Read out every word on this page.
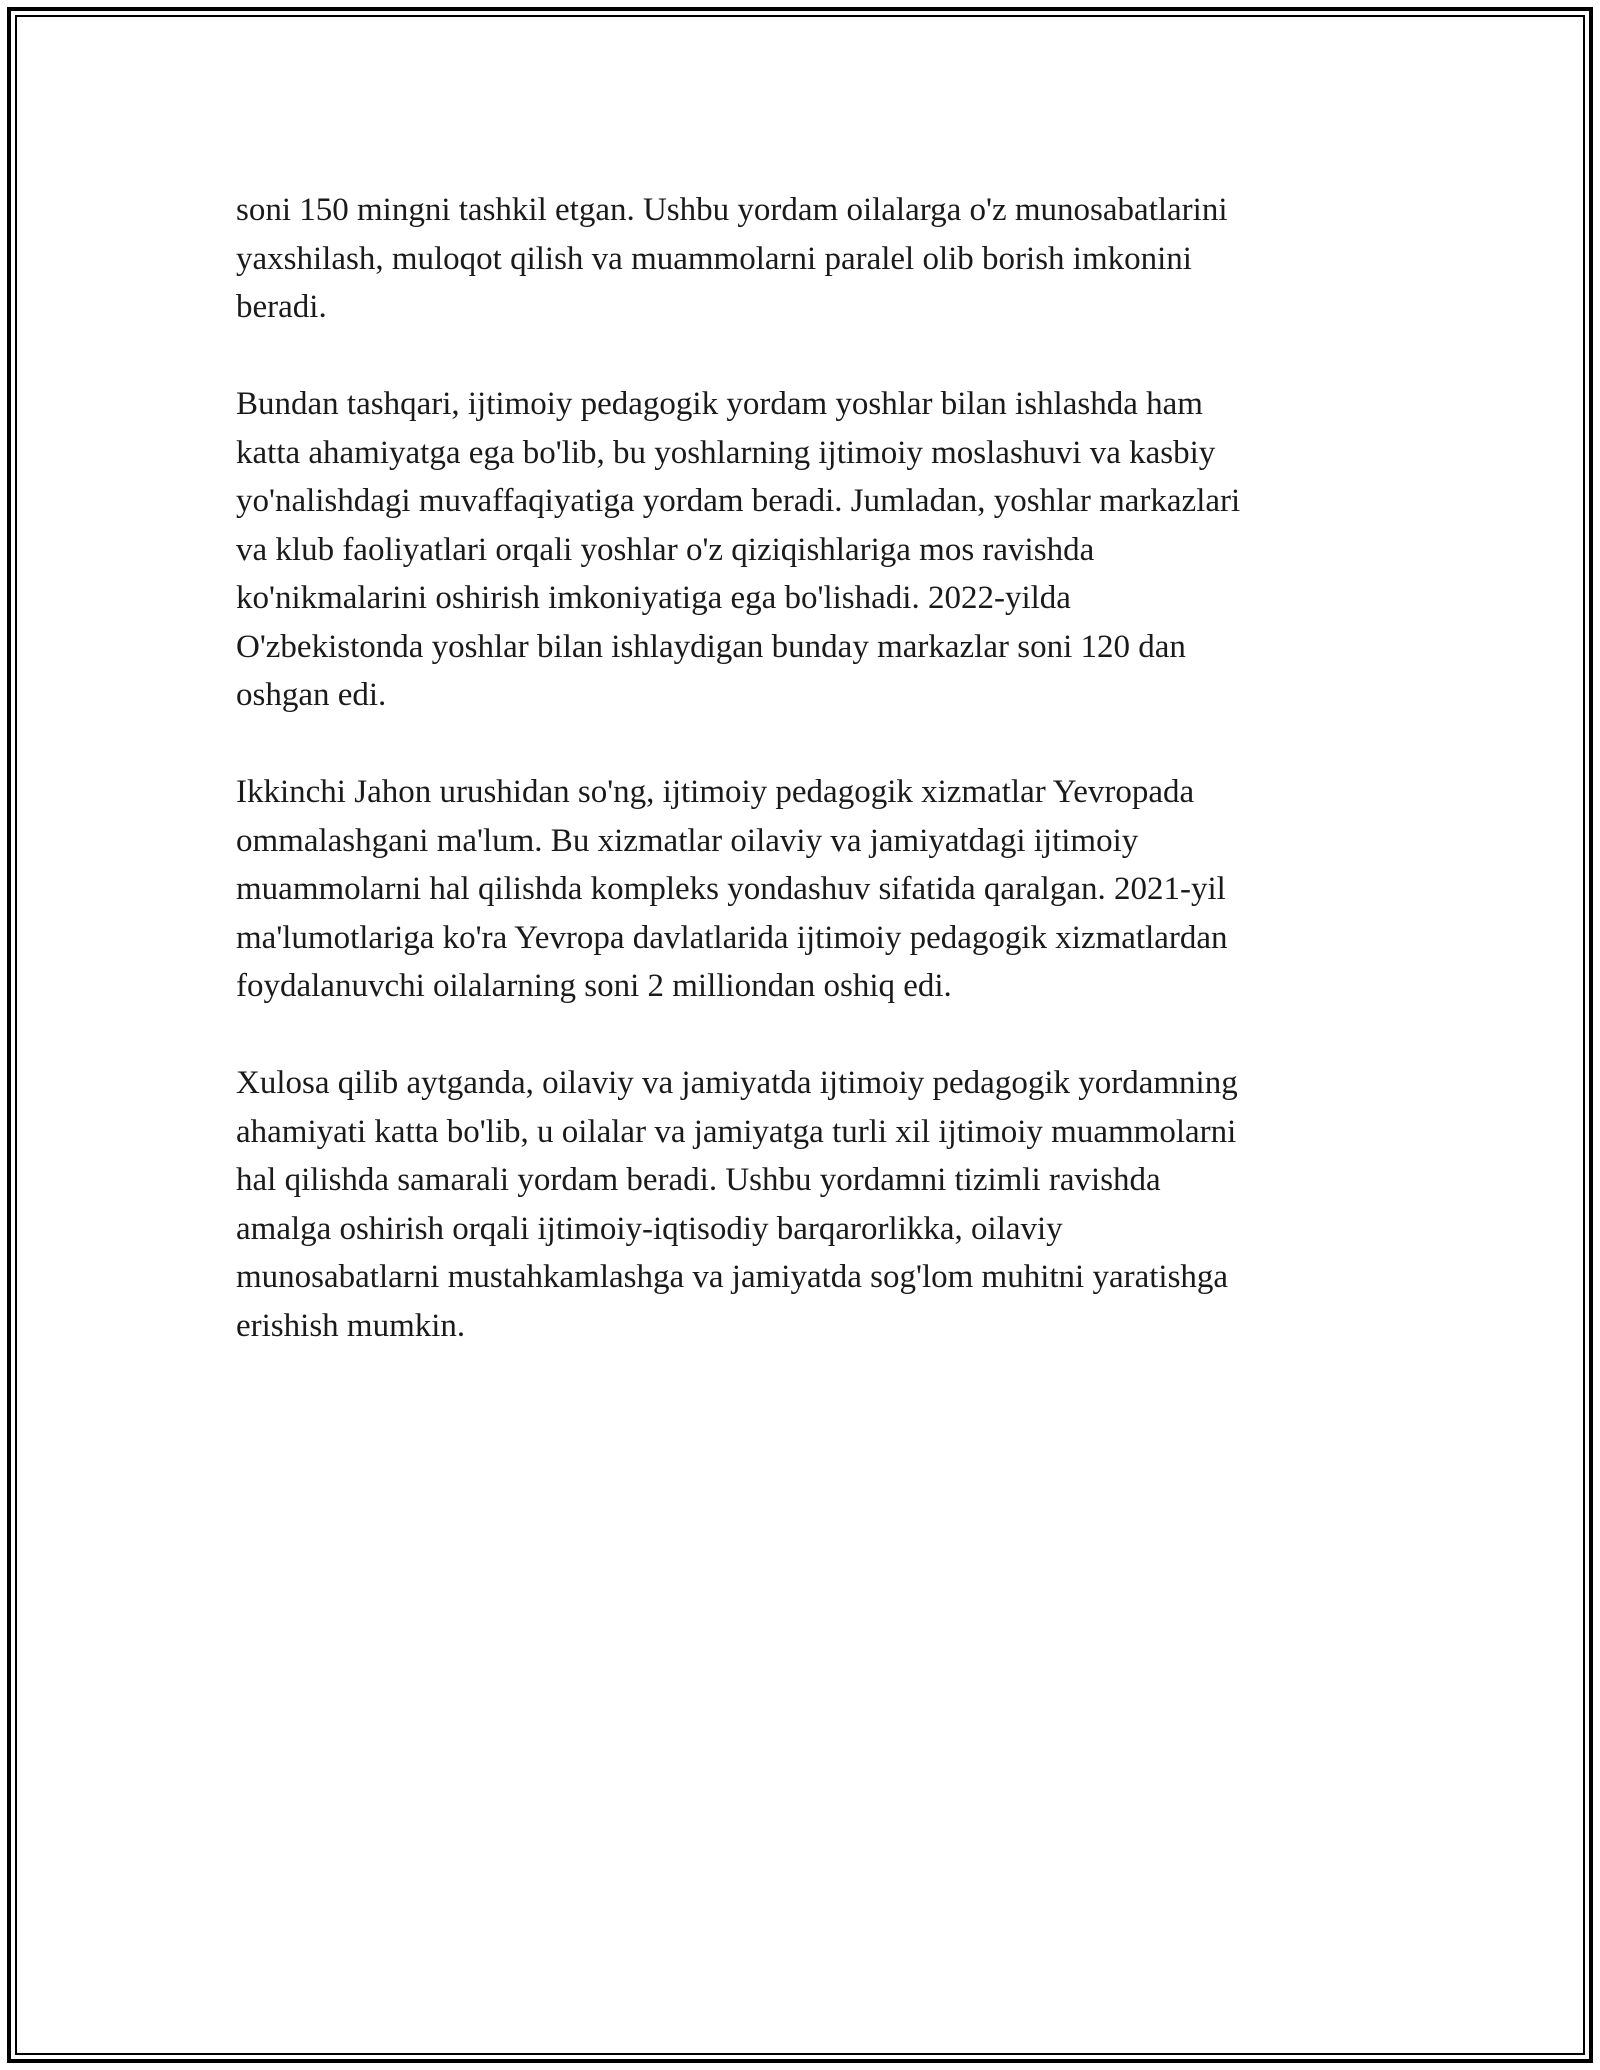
soni 150 mingni tashkil etgan. Ushbu yordam oilalarga o'z munosabatlarini
yaxshilash, muloqot qilish va muammolarni paralel olib borish imkonini
beradi.

Bundan tashqari, ijtimoiy pedagogik yordam yoshlar bilan ishlashda ham
katta ahamiyatga ega bo'lib, bu yoshlarning ijtimoiy moslashuvi va kasbiy
yo'nalishdagi muvaffaqiyatiga yordam beradi. Jumladan, yoshlar markazlari
va klub faoliyatlari orqali yoshlar o'z qiziqishlariga mos ravishda
ko'nikmalarini oshirish imkoniyatiga ega bo'lishadi. 2022-yilda
O'zbekistonda yoshlar bilan ishlaydigan bunday markazlar soni 120 dan
oshgan edi.

Ikkinchi Jahon urushidan so'ng, ijtimoiy pedagogik xizmatlar Yevropada
ommalashgani ma'lum. Bu xizmatlar oilaviy va jamiyatdagi ijtimoiy
muammolarni hal qilishda kompleks yondashuv sifatida qaralgan. 2021-yil
ma'lumotlariga ko'ra Yevropa davlatlarida ijtimoiy pedagogik xizmatlardan
foydalanuvchi oilalarning soni 2 milliondan oshiq edi.

Xulosa qilib aytganda, oilaviy va jamiyatda ijtimoiy pedagogik yordamning
ahamiyati katta bo'lib, u oilalar va jamiyatga turli xil ijtimoiy muammolarni
hal qilishda samarali yordam beradi. Ushbu yordamni tizimli ravishda
amalga oshirish orqali ijtimoiy-iqtisodiy barqarorlikka, oilaviy
munosabatlarni mustahkamlashga va jamiyatda sog'lom muhitni yaratishga
erishish mumkin.
